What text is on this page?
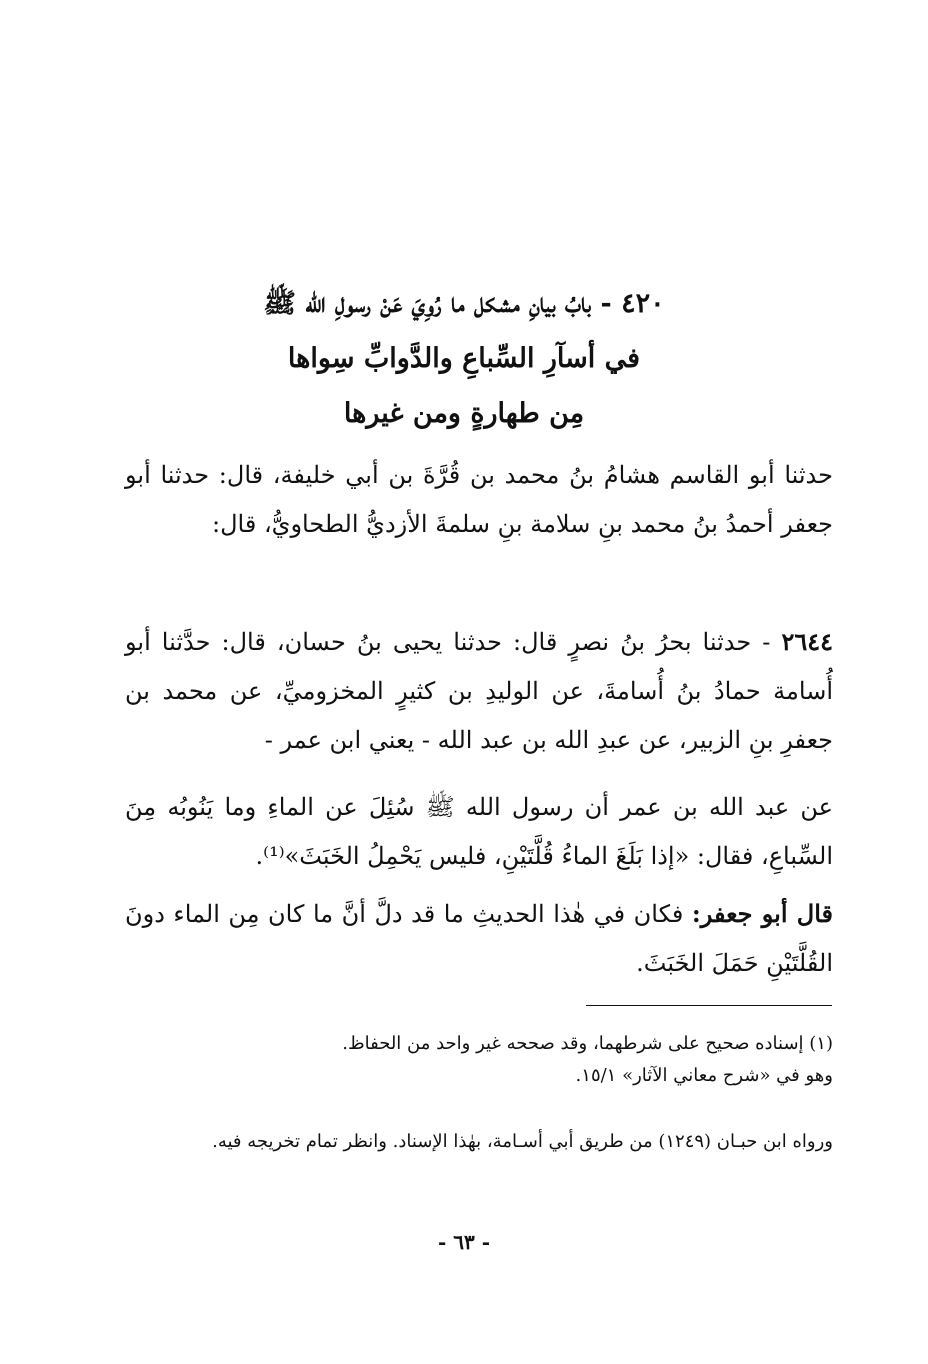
٤٢٠ - بابُ بيانِ مشكل ما رُوِيَ عَنْ رسولِ الله ﷺ
في أسآرِ السِّباعِ والدَّوابِّ سِواها
مِن طهارةٍ ومن غيرها
حدثنا أبو القاسم هشامُ بنُ محمد بن قُرَّةَ بن أبي خليفة، قال: حدثنا أبو جعفر أحمدُ بنُ محمد بنِ سلامة بنِ سلمةَ الأزديُّ الطحاويُّ، قال:
٢٦٤٤ - حدثنا بحرُ بنُ نصرٍ قال: حدثنا يحيى بنُ حسان، قال: حدَّثنا أبو أُسامة حمادُ بنُ أُسامةَ، عن الوليدِ بن كثيرٍ المخزوميِّ، عن محمد بن جعفرِ بنِ الزبير، عن عبدِ الله بن عبد الله - يعني ابن عمر -
عن عبد الله بن عمر أن رسول الله ﷺ سُئِلَ عن الماءِ وما يَنُوبُه مِنَ السِّباعِ، فقال: «إذا بَلَغَ الماءُ قُلَّتَيْنِ، فليس يَحْمِلُ الخَبَثَ»⁽¹⁾.
قال أبو جعفر: فكان في هٰذا الحديثِ ما قد دلَّ أنَّ ما كان مِن الماء دونَ القُلَّتَيْنِ حَمَلَ الخَبَثَ.
(١) إسناده صحيح على شرطهما، وقد صححه غير واحد من الحفاظ.
وهو في «شرح معاني الآثار» ١٥/١.
ورواه ابن حبـان (١٢٤٩) من طريق أبي أسـامة، بهٰذا الإسناد. وانظر تمام تخريجه فيه.
- ٦٣ -
